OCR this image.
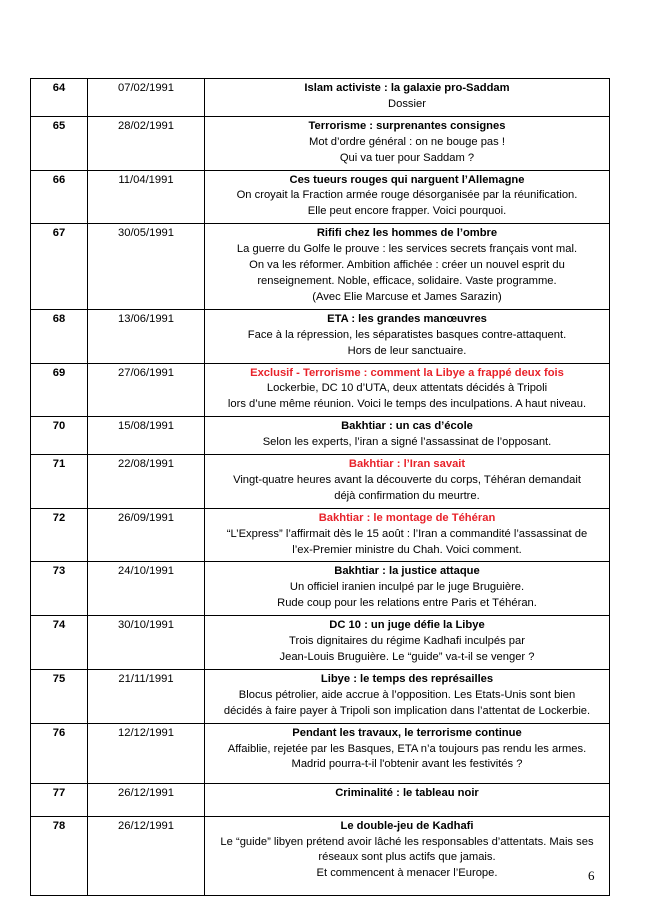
64	07/02/1991	Islam activiste : la galaxie pro-Saddam
Dossier

65	28/02/1991	Terrorisme : surprenantes consignes
Mot d’ordre général : on ne bouge pas !
Qui va tuer pour Saddam ?

66	11/04/1991	Ces tueurs rouges qui narguent l’Allemagne
On croyait la Fraction armée rouge désorganisée par la réunification.
Elle peut encore frapper. Voici pourquoi.

67	30/05/1991	Rififi chez les hommes de l’ombre
La guerre du Golfe le prouve : les services secrets français vont mal.
On va les réformer. Ambition affichée : créer un nouvel esprit du
renseignement. Noble, efficace, solidaire. Vaste programme.
(Avec Elie Marcuse et James Sarazin)

68	13/06/1991	ETA : les grandes manœuvres
Face à la répression, les séparatistes basques contre-attaquent.
Hors de leur sanctuaire.

69	27/06/1991	Exclusif - Terrorisme : comment la Libye a frappé deux fois
Lockerbie, DC 10 d’UTA, deux attentats décidés à Tripoli
lors d’une même réunion. Voici le temps des inculpations. A haut niveau.

70	15/08/1991	Bakhtiar : un cas d’école
Selon les experts, l’iran a signé l’assassinat de l’opposant.

71	22/08/1991	Bakhtiar : l’Iran savait
Vingt-quatre heures avant la découverte du corps, Téhéran demandait
déjà confirmation du meurtre.

72	26/09/1991	Bakhtiar : le montage de Téhéran
“L’Express” l’affirmait dès le 15 août : l’Iran a commandité l’assassinat de
l’ex-Premier ministre du Chah. Voici comment.

73	24/10/1991	Bakhtiar : la justice attaque
Un officiel iranien inculpé par le juge Bruguière.
Rude coup pour les relations entre Paris et Téhéran.

74	30/10/1991	DC 10 : un juge défie la Libye
Trois dignitaires du régime Kadhafi inculpés par
Jean-Louis Bruguière. Le “guide” va-t-il se venger ?

75	21/11/1991	Libye : le temps des représailles
Blocus pétrolier, aide accrue à l’opposition. Les Etats-Unis sont bien
décidés à faire payer à Tripoli son implication dans l’attentat de Lockerbie.

76	12/12/1991	Pendant les travaux, le terrorisme continue
Affaiblie, rejetée par les Basques, ETA n’a toujours pas rendu les armes.
Madrid pourra-t-il l'obtenir avant les festivités ?

77	26/12/1991	Criminalité : le tableau noir

78	26/12/1991	Le double-jeu de Kadhafi
Le “guide” libyen prétend avoir lâché les responsables d’attentats. Mais ses
réseaux sont plus actifs que jamais.
Et commencent à menacer l’Europe.	6
